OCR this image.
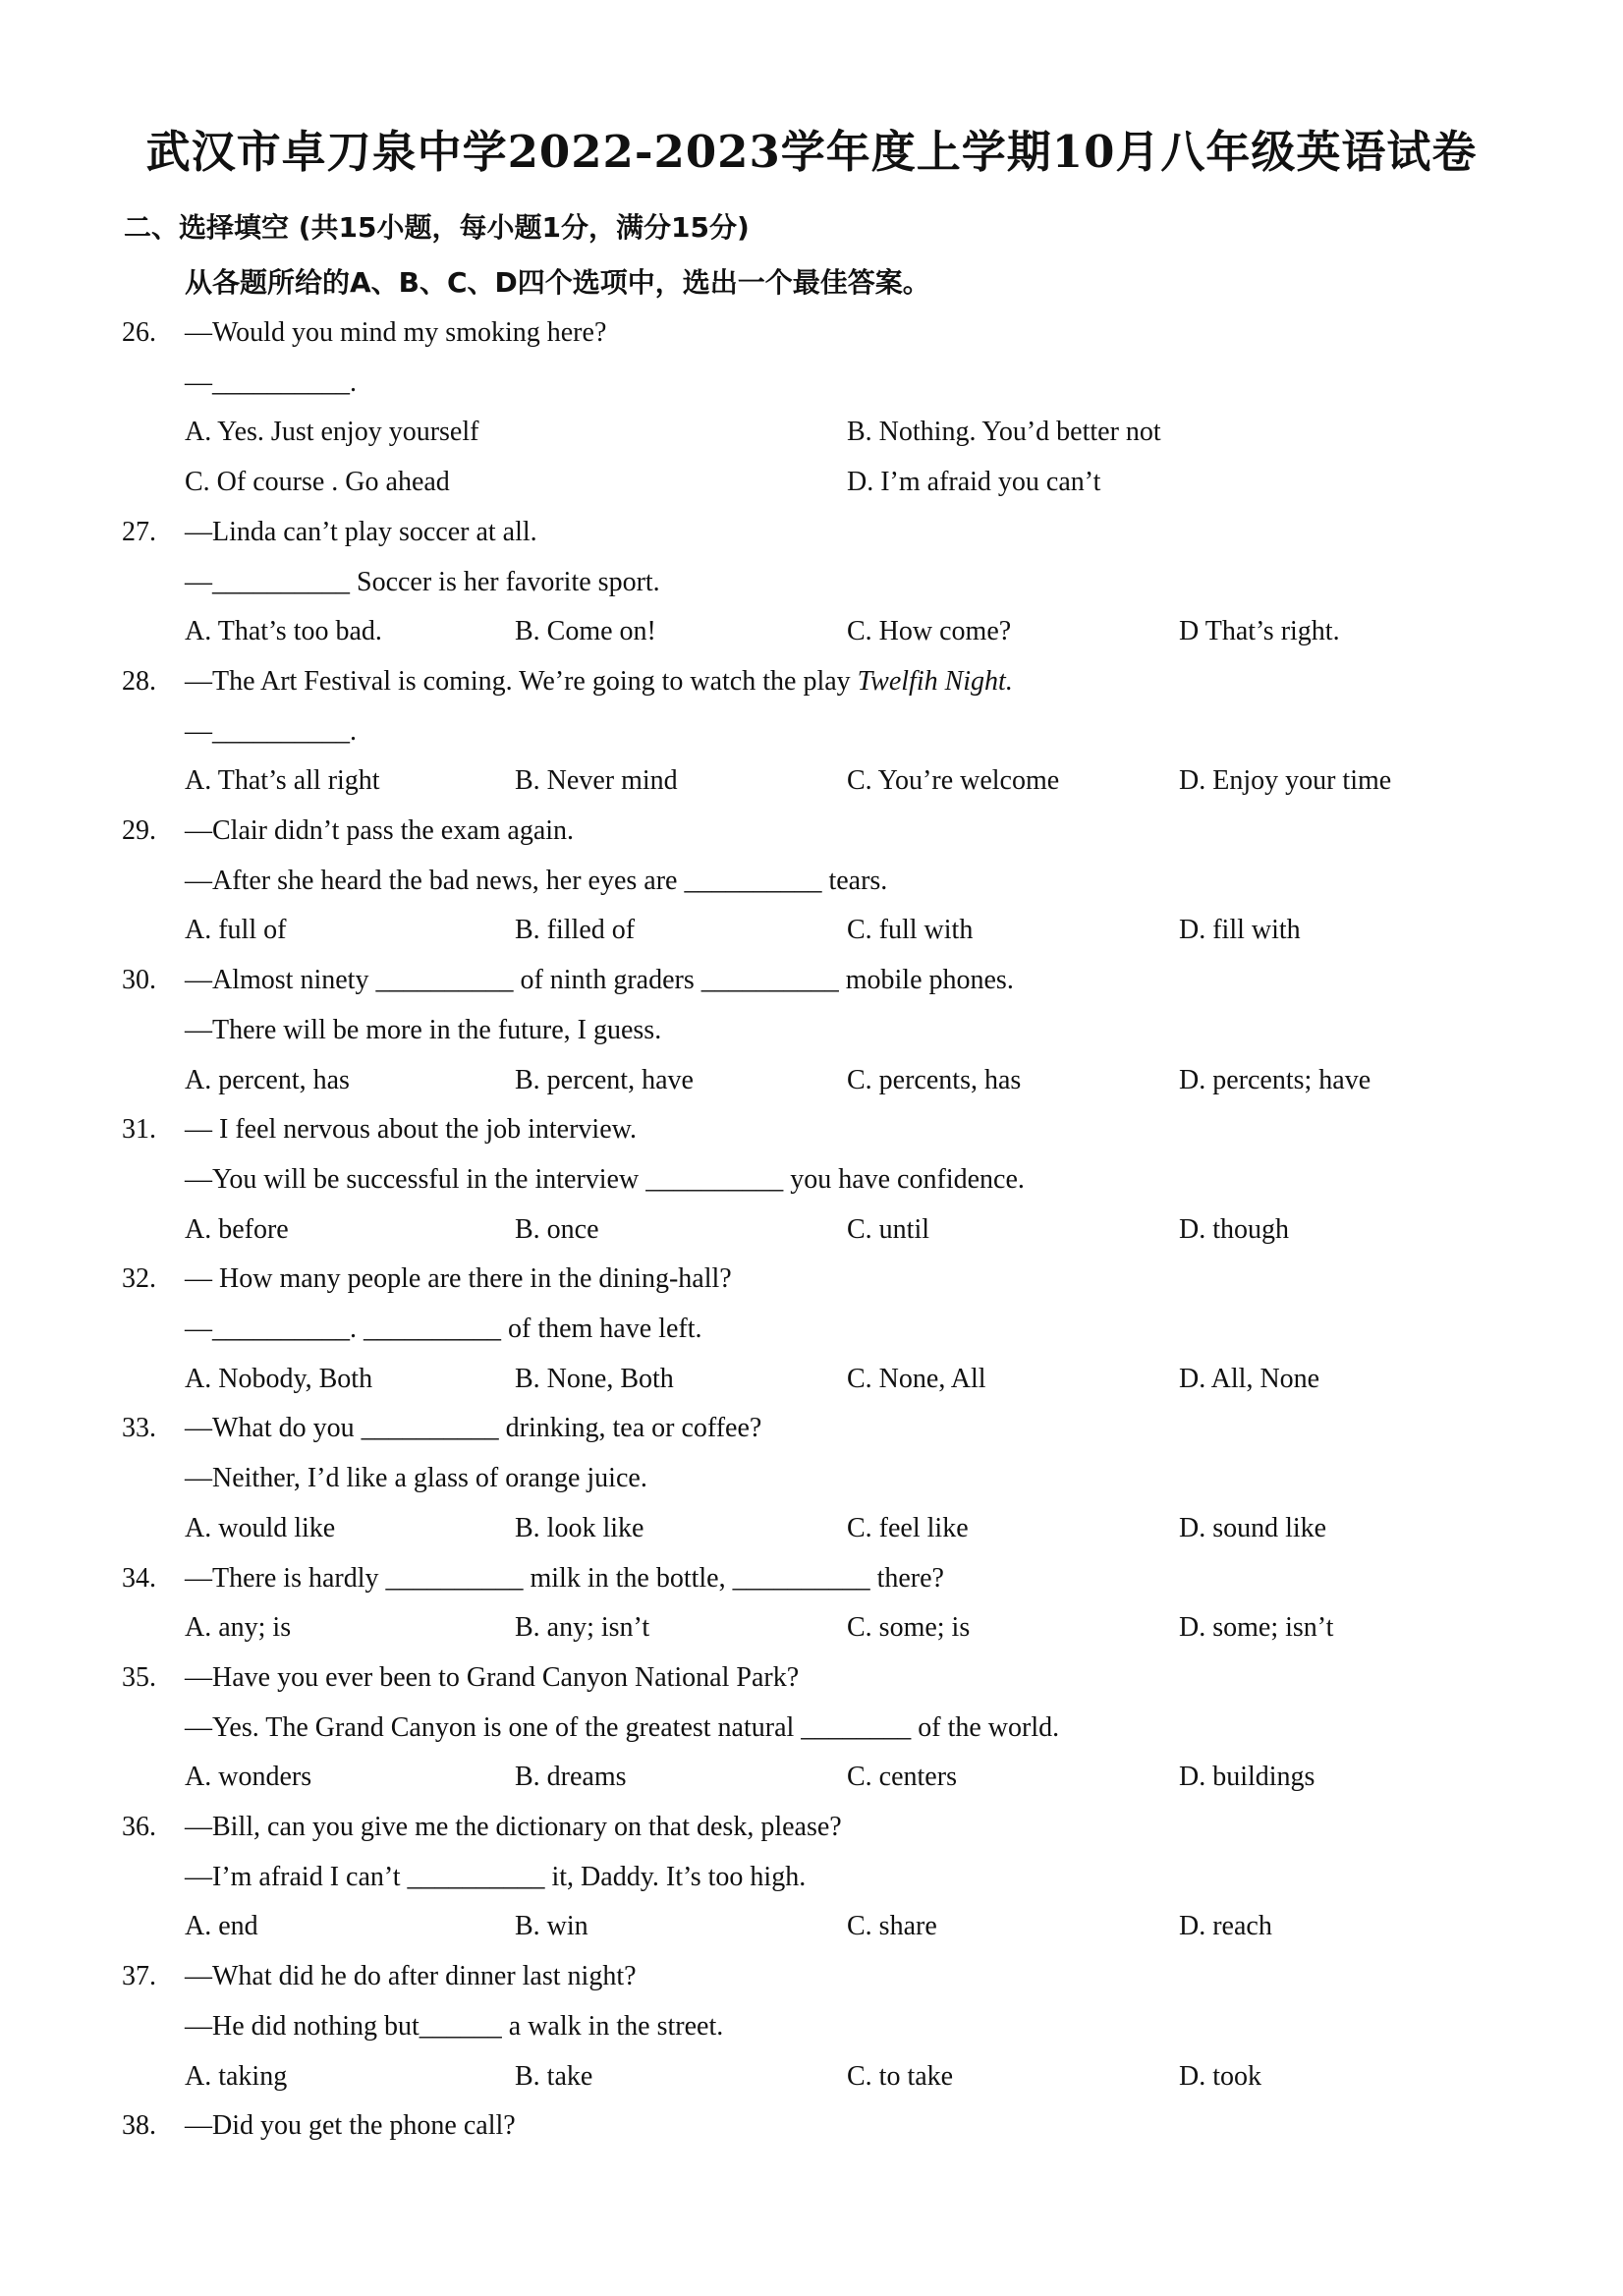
武汉市卓刀泉中学2022-2023学年度上学期10月八年级英语试卷
二、选择填空 (共15小题，每小题1分，满分15分)
从各题所给的A、B、C、D四个选项中，选出一个最佳答案。
26. —Would you mind my smoking here?
—__________.
A. Yes. Just enjoy yourself	B. Nothing. You’d better not
C. Of course . Go ahead	D. I’m afraid you can’t
27. —Linda can’t play soccer at all.
—__________ Soccer is her favorite sport.
A. That’s too bad.	B. Come on!	C. How come?	D That’s right.
28. —The Art Festival is coming. We’re going to watch the play Twelfih Night.
—__________.
A. That’s all right	B. Never mind	C. You’re welcome	D. Enjoy your time
29. —Clair didn’t pass the exam again.
—After she heard the bad news, her eyes are __________ tears.
A. full of	B. filled of	C. full with	D. fill with
30. —Almost ninety __________ of ninth graders __________ mobile phones.
—There will be more in the future, I guess.
A. percent, has	B. percent, have	C. percents, has	D. percents; have
31. — I feel nervous about the job interview.
—You will be successful in the interview __________ you have confidence.
A. before	B. once	C. until	D. though
32. — How many people are there in the dining-hall?
—__________. __________ of them have left.
A. Nobody, Both	B. None, Both	C. None, All	D. All, None
33. —What do you __________ drinking, tea or coffee?
—Neither, I’d like a glass of orange juice.
A. would like	B. look like	C. feel like	D. sound like
34. —There is hardly __________ milk in the bottle, __________ there?
A. any; is	B. any; isn’t	C. some; is	D. some; isn’t
35. —Have you ever been to Grand Canyon National Park?
—Yes. The Grand Canyon is one of the greatest natural ________ of the world.
A. wonders	B. dreams	C. centers	D. buildings
36. —Bill, can you give me the dictionary on that desk, please?
—I’m afraid I can’t __________ it, Daddy. It’s too high.
A. end	B. win	C. share	D. reach
37. —What did he do after dinner last night?
—He did nothing but______ a walk in the street.
A. taking	B. take	C. to take	D. took
38. —Did you get the phone call?
